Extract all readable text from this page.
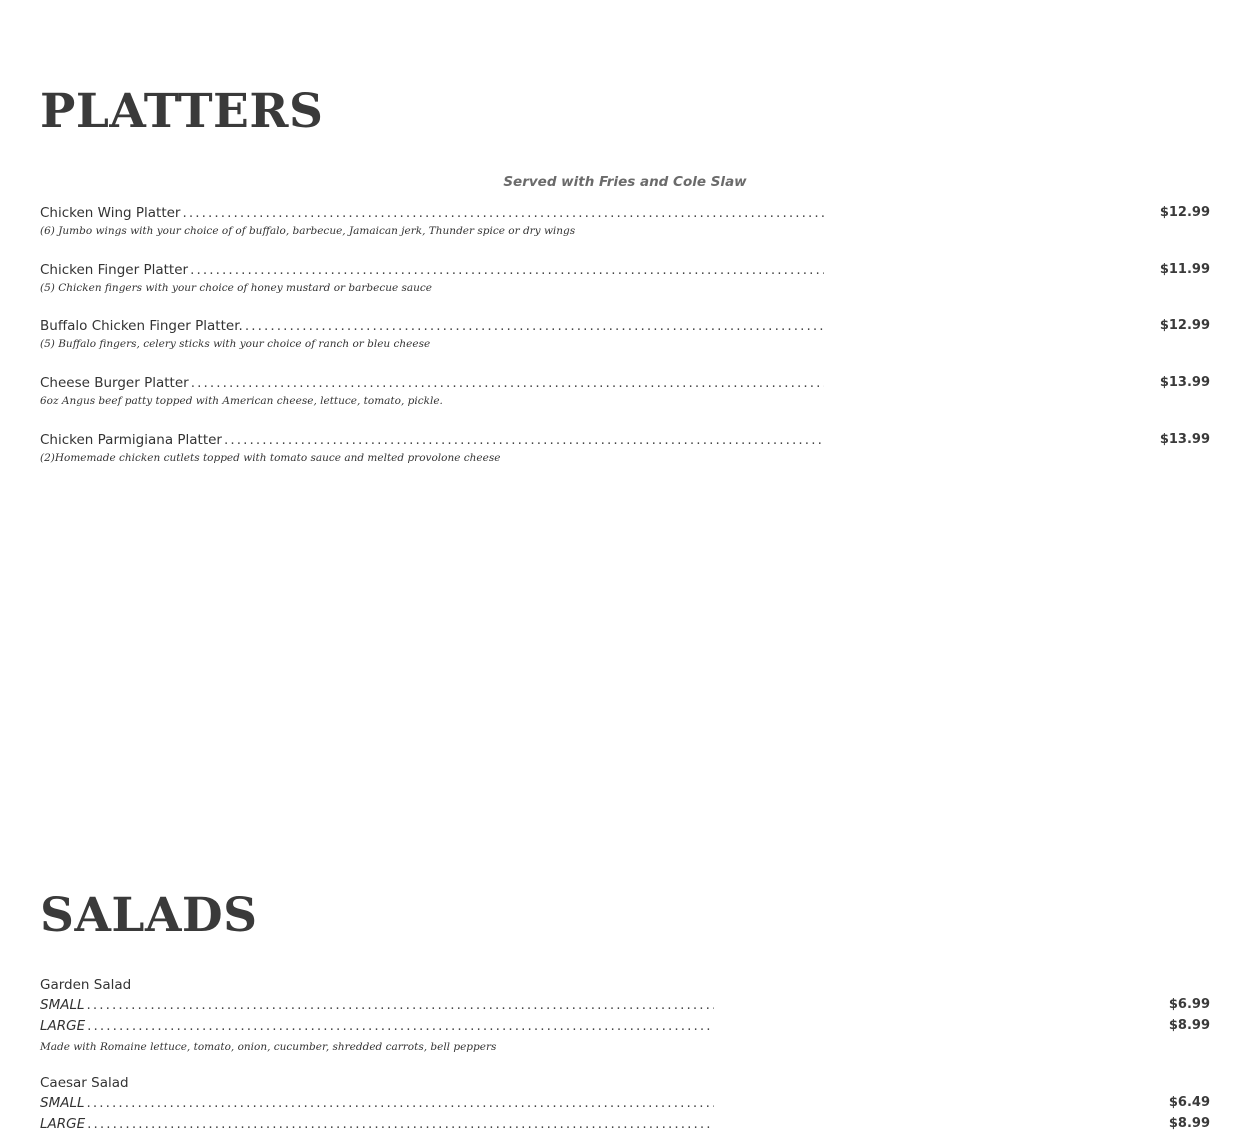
PLATTERS
Served with Fries and Cole Slaw
Chicken Wing Platter . . .	$12.99
(6) Jumbo wings with your choice of of buffalo, barbecue, Jamaican jerk, Thunder spice or dry wings
Chicken Finger Platter . . .	$11.99
(5) Chicken fingers with your choice of honey mustard or barbecue sauce
Buffalo Chicken Finger Platter. . . .	$12.99
(5) Buffalo fingers, celery sticks with your choice of ranch or bleu cheese
Cheese Burger Platter . . .	$13.99
6oz Angus beef patty topped with American cheese, lettuce, tomato, pickle.
Chicken Parmigiana Platter . . .	$13.99
(2)Homemade chicken cutlets topped with tomato sauce and melted provolone cheese
SALADS
Garden Salad
SMALL . . .	$6.99
LARGE . . .	$8.99
Made with Romaine lettuce, tomato, onion, cucumber, shredded carrots, bell peppers
Caesar Salad
SMALL . . .	$6.49
LARGE . . .	$8.99
